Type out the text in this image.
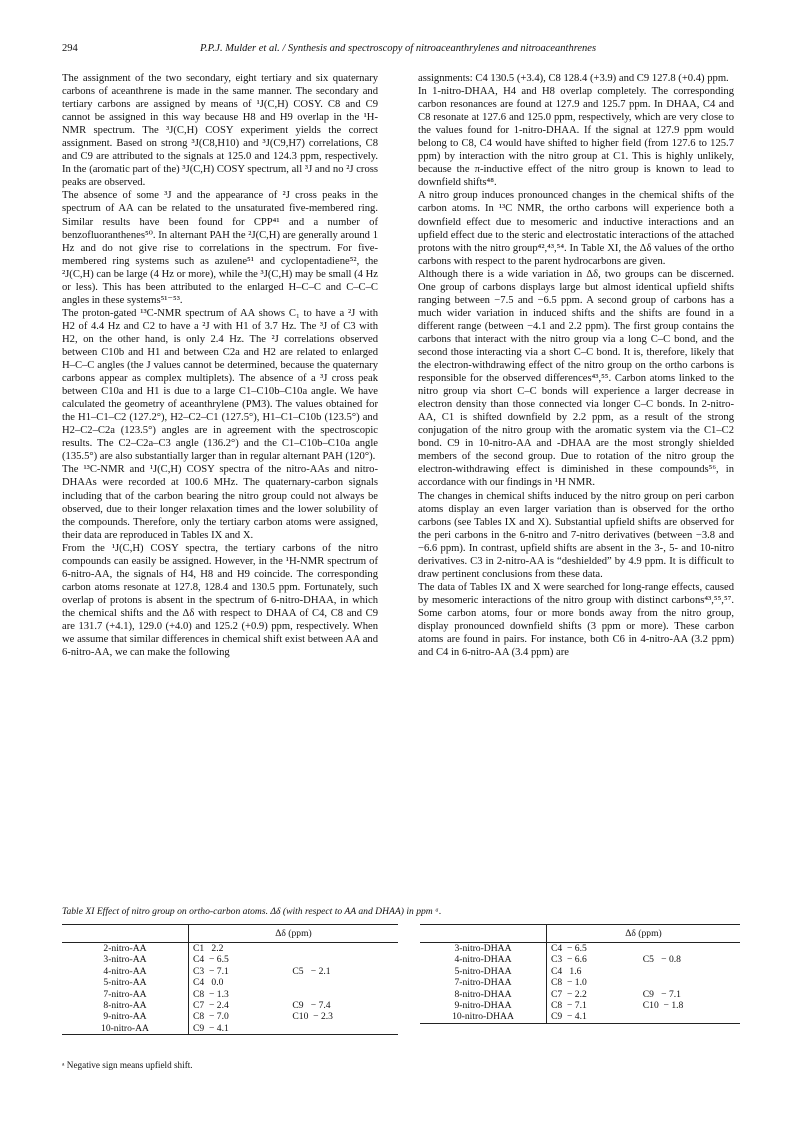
294	P.P.J. Mulder et al. / Synthesis and spectroscopy of nitroaceanthrylenes and nitroaceanthrenes

The assignment of the two secondary, eight tertiary and six quaternary carbons of aceanthrene is made in the same manner. The secondary and tertiary carbons are assigned by means of ¹J(C,H) COSY. C8 and C9 cannot be assigned in this way because H8 and H9 overlap in the ¹H-NMR spectrum. The ³J(C,H) COSY experiment yields the correct assignment. Based on strong ³J(C8,H10) and ³J(C9,H7) correlations, C8 and C9 are attributed to the signals at 125.0 and 124.3 ppm, respectively. In the (aromatic part of the) ³J(C,H) COSY spectrum, all ³J and no ²J cross peaks are observed.

The absence of some ³J and the appearance of ²J cross peaks in the spectrum of AA can be related to the unsaturated five-membered ring. Similar results have been found for CPP⁴¹ and a number of benzofluoranthenes⁵⁰. In alternant PAH the ²J(C,H) are generally around 1 Hz and do not give rise to correlations in the spectrum. For five-membered ring systems such as azulene⁵¹ and cyclopentadiene⁵², the ²J(C,H) can be large (4 Hz or more), while the ³J(C,H) may be small (4 Hz or less). This has been attributed to the enlarged H–C–C and C–C–C angles in these systems⁵¹⁻⁵³.

The proton-gated ¹³C-NMR spectrum of AA shows C₁ to have a ²J with H2 of 4.4 Hz and C2 to have a ²J with H1 of 3.7 Hz. The ³J of C3 with H2, on the other hand, is only 2.4 Hz. The ²J correlations observed between C10b and H1 and between C2a and H2 are related to enlarged H–C–C angles (the J values cannot be determined, because the quaternary carbons appear as complex multiplets). The absence of a ³J cross peak between C10a and H1 is due to a large C1–C10b–C10a angle. We have calculated the geometry of aceanthrylene (PM3). The values obtained for the H1–C1–C2 (127.2°), H2–C2–C1 (127.5°), H1–C1–C10b (123.5°) and H2–C2–C2a (123.5°) angles are in agreement with the spectroscopic results. The C2–C2a–C3 angle (136.2°) and the C1–C10b–C10a angle (135.5°) are also substantially larger than in regular alternant PAH (120°).

The ¹³C-NMR and ¹J(C,H) COSY spectra of the nitro-AAs and nitro-DHAAs were recorded at 100.6 MHz. The quaternary-carbon signals including that of the carbon bearing the nitro group could not always be observed, due to their longer relaxation times and the lower solubility of the compounds. Therefore, only the tertiary carbon atoms were assigned, their data are reproduced in Tables IX and X.

From the ¹J(C,H) COSY spectra, the tertiary carbons of the nitro compounds can easily be assigned. However, in the ¹H-NMR spectrum of 6-nitro-AA, the signals of H4, H8 and H9 coincide. The corresponding carbon atoms resonate at 127.8, 128.4 and 130.5 ppm. Fortunately, such overlap of protons is absent in the spectrum of 6-nitro-DHAA, in which the chemical shifts and the Δδ with respect to DHAA of C4, C8 and C9 are 131.7 (+4.1), 129.0 (+4.0) and 125.2 (+0.9) ppm, respectively. When we assume that similar differences in chemical shift exist between AA and 6-nitro-AA, we can make the following

assignments: C4 130.5 (+3.4), C8 128.4 (+3.9) and C9 127.8 (+0.4) ppm.

In 1-nitro-DHAA, H4 and H8 overlap completely. The corresponding carbon resonances are found at 127.9 and 125.7 ppm. In DHAA, C4 and C8 resonate at 127.6 and 125.0 ppm, respectively, which are very close to the values found for 1-nitro-DHAA. If the signal at 127.9 ppm would belong to C8, C4 would have shifted to higher field (from 127.6 to 125.7 ppm) by interaction with the nitro group at C1. This is highly unlikely, because the π-inductive effect of the nitro group is known to lead to downfield shifts⁴⁸.

A nitro group induces pronounced changes in the chemical shifts of the carbon atoms. In ¹³C NMR, the ortho carbons will experience both a downfield effect due to mesomeric and inductive interactions and an upfield effect due to the steric and electrostatic interactions of the attached protons with the nitro group⁴²,⁴³,⁵⁴. In Table XI, the Δδ values of the ortho carbons with respect to the parent hydrocarbons are given.

Although there is a wide variation in Δδ, two groups can be discerned. One group of carbons displays large but almost identical upfield shifts ranging between −7.5 and −6.5 ppm. A second group of carbons has a much wider variation in induced shifts and the shifts are found in a different range (between −4.1 and 2.2 ppm). The first group contains the carbons that interact with the nitro group via a long C–C bond, and the second those interacting via a short C–C bond. It is, therefore, likely that the electron-withdrawing effect of the nitro group on the ortho carbons is responsible for the observed differences⁴³,⁵⁵. Carbon atoms linked to the nitro group via short C–C bonds will experience a larger decrease in electron density than those connected via longer C–C bonds. In 2-nitro-AA, C1 is shifted downfield by 2.2 ppm, as a result of the strong conjugation of the nitro group with the aromatic system via the C1–C2 bond. C9 in 10-nitro-AA and -DHAA are the most strongly shielded members of the second group. Due to rotation of the nitro group the electron-withdrawing effect is diminished in these compounds⁵⁶, in accordance with our findings in ¹H NMR.

The changes in chemical shifts induced by the nitro group on peri carbon atoms display an even larger variation than is observed for the ortho carbons (see Tables IX and X). Substantial upfield shifts are observed for the peri carbons in the 6-nitro and 7-nitro derivatives (between −3.8 and −6.6 ppm). In contrast, upfield shifts are absent in the 3-, 5- and 10-nitro derivatives. C3 in 2-nitro-AA is “deshielded” by 4.9 ppm. It is difficult to draw pertinent conclusions from these data.

The data of Tables IX and X were searched for long-range effects, caused by mesomeric interactions of the nitro group with distinct carbons⁴³,⁵⁵,⁵⁷. Some carbon atoms, four or more bonds away from the nitro group, display pronounced downfield shifts (3 ppm or more). These carbon atoms are found in pairs. For instance, both C6 in 4-nitro-AA (3.2 ppm) and C4 in 6-nitro-AA (3.4 ppm) are

Table XI Effect of nitro group on ortho-carbon atoms. Δδ (with respect to AA and DHAA) in ppm ᵃ.
	Δδ (ppm)	
2-nitro-AA	C1   2.2	
3-nitro-AA	C4  − 6.5	
4-nitro-AA	C3  − 7.1	C5   − 2.1
5-nitro-AA	C4   0.0	
7-nitro-AA	C8  − 1.3	
8-nitro-AA	C7  − 2.4	C9   − 7.4
9-nitro-AA	C8  − 7.0	C10  − 2.3
10-nitro-AA	C9  − 4.1	
	Δδ (ppm)	
3-nitro-DHAA	C4  − 6.5	
4-nitro-DHAA	C3  − 6.6	C5   − 0.8
5-nitro-DHAA	C4   1.6	
7-nitro-DHAA	C8  − 1.0	
8-nitro-DHAA	C7  − 2.2	C9   − 7.1
9-nitro-DHAA	C8  − 7.1	C10  − 1.8
10-nitro-DHAA	C9  − 4.1	
ᵃ Negative sign means upfield shift.
